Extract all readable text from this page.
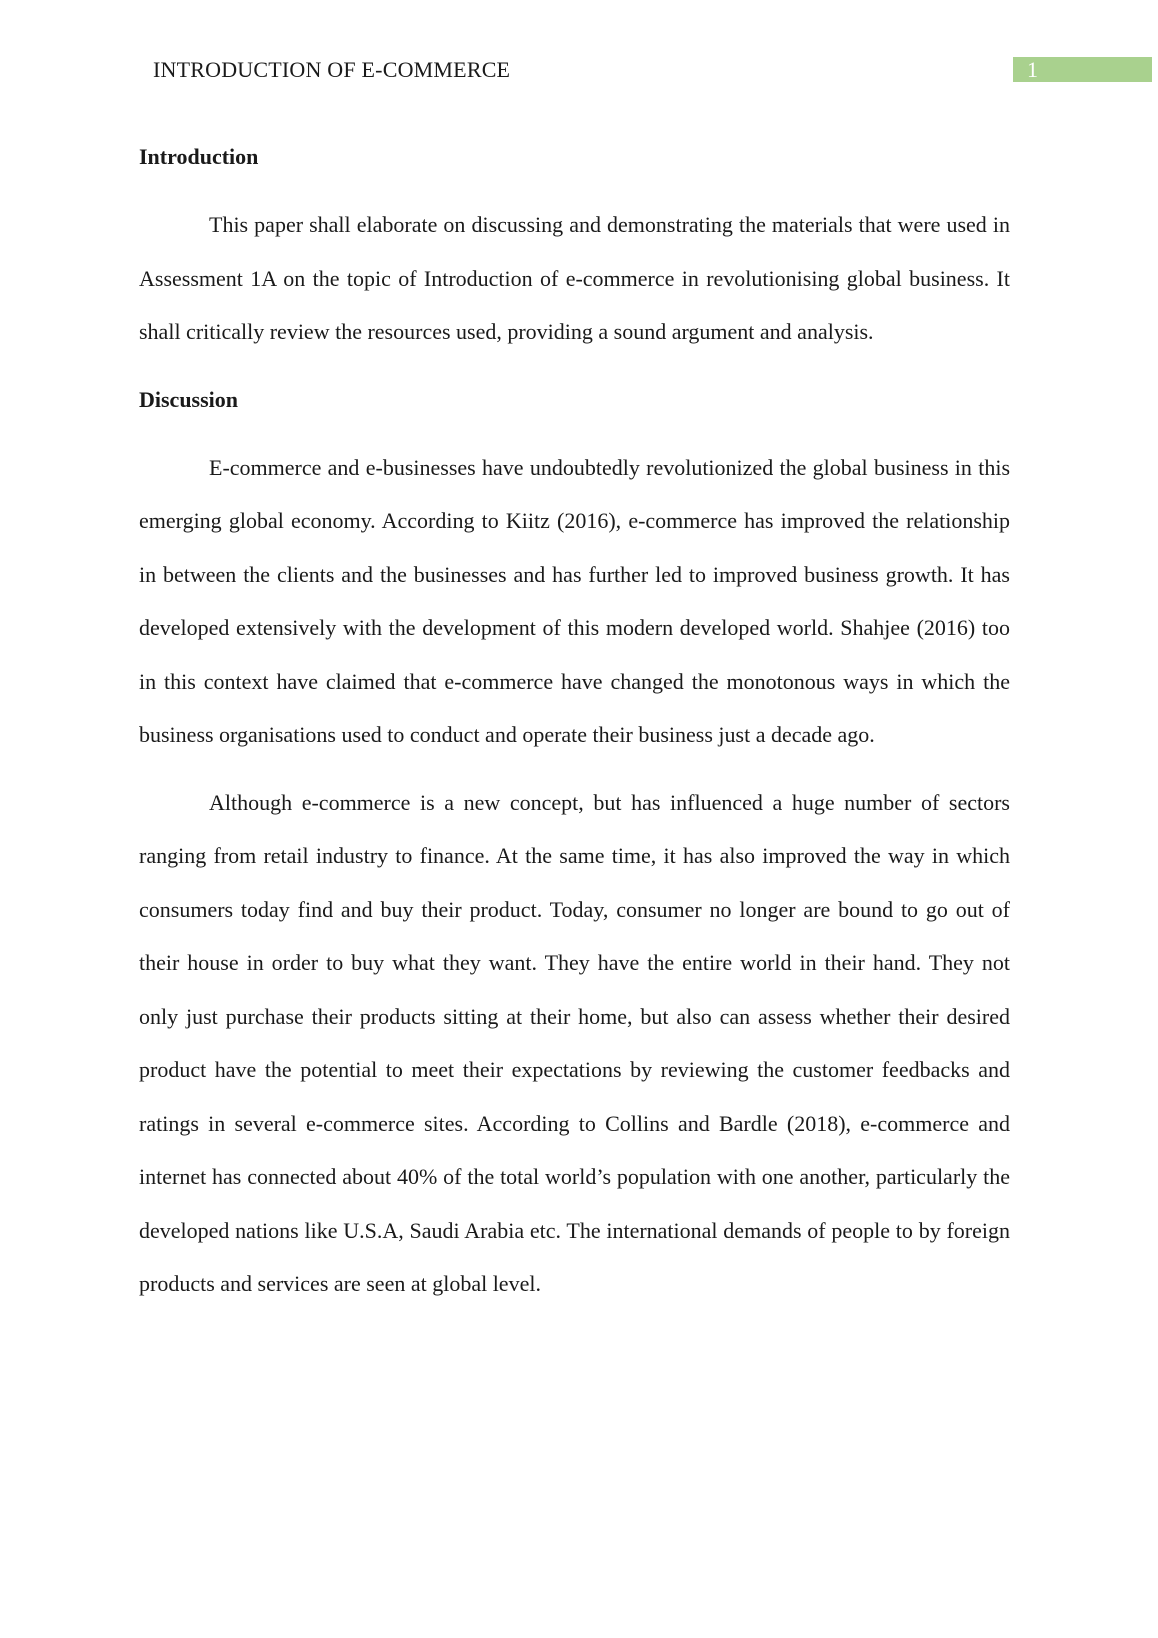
INTRODUCTION OF E-COMMERCE	1
Introduction

This paper shall elaborate on discussing and demonstrating the materials that were used in Assessment 1A on the topic of Introduction of e-commerce in revolutionising global business. It shall critically review the resources used, providing a sound argument and analysis.

Discussion

E-commerce and e-businesses have undoubtedly revolutionized the global business in this emerging global economy. According to Kiitz (2016), e-commerce has improved the relationship in between the clients and the businesses and has further led to improved business growth. It has developed extensively with the development of this modern developed world. Shahjee (2016) too in this context have claimed that e-commerce have changed the monotonous ways in which the business organisations used to conduct and operate their business just a decade ago.

Although e-commerce is a new concept, but has influenced a huge number of sectors ranging from retail industry to finance. At the same time, it has also improved the way in which consumers today find and buy their product. Today, consumer no longer are bound to go out of their house in order to buy what they want. They have the entire world in their hand. They not only just purchase their products sitting at their home, but also can assess whether their desired product have the potential to meet their expectations by reviewing the customer feedbacks and ratings in several e-commerce sites. According to Collins and Bardle (2018), e-commerce and internet has connected about 40% of the total world’s population with one another, particularly the developed nations like U.S.A, Saudi Arabia etc. The international demands of people to by foreign products and services are seen at global level.
